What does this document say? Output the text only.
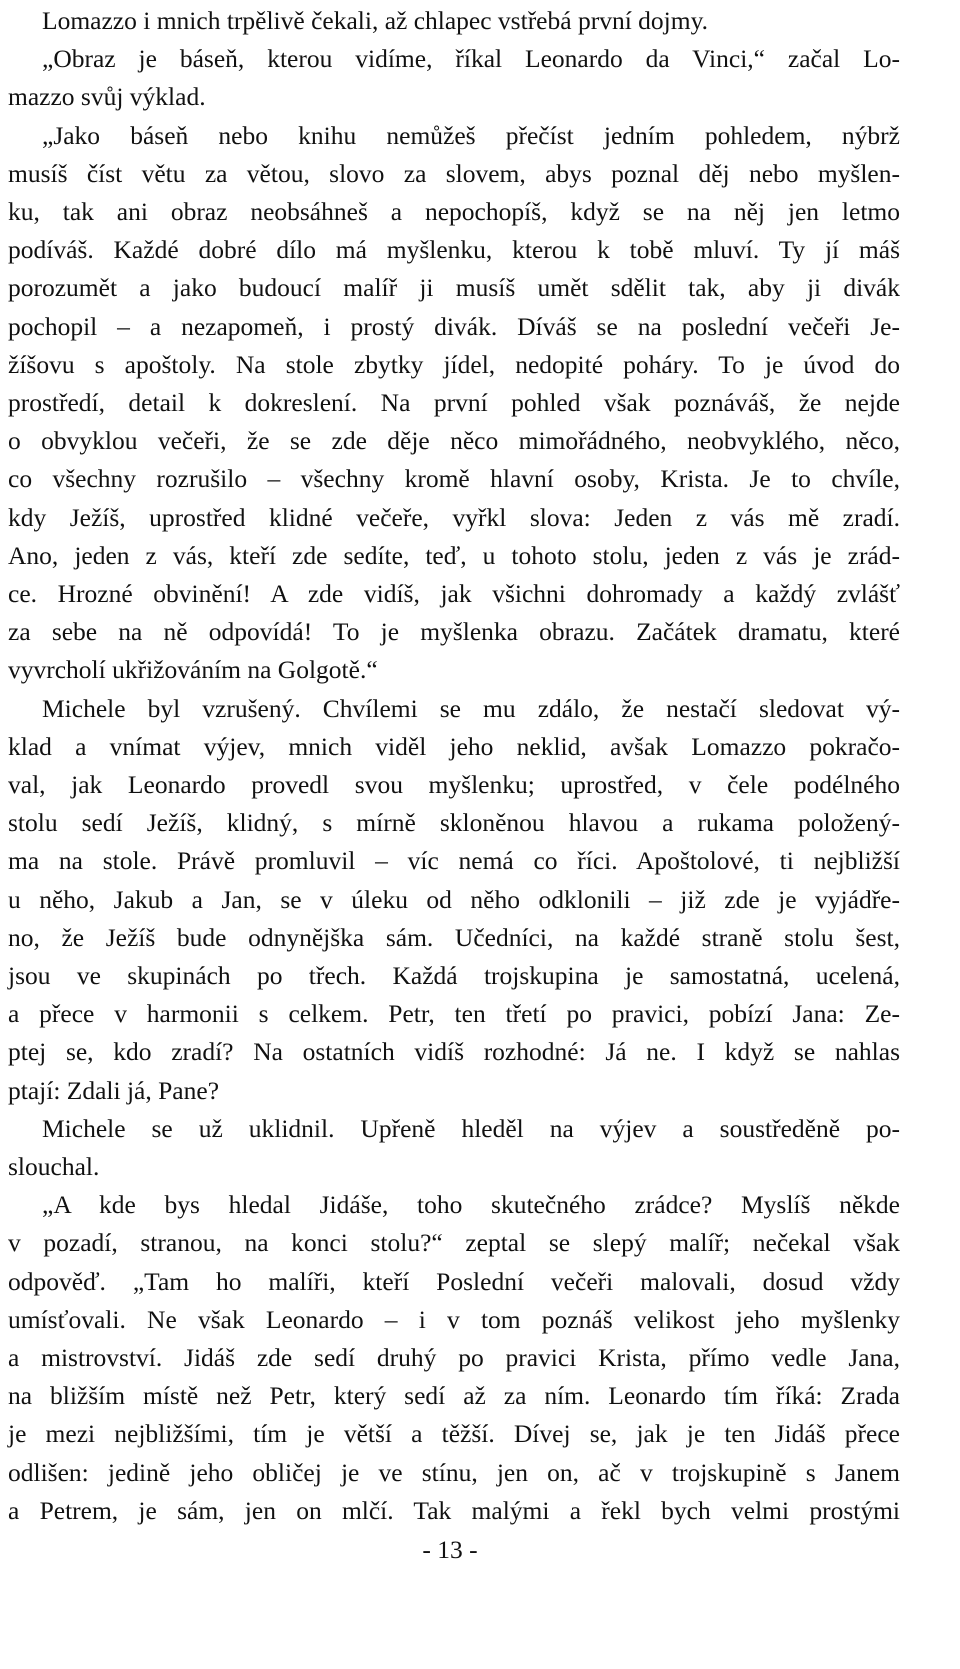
Lomazzo i mnich trpělivě čekali, až chlapec vstřebá první dojmy.
„Obraz je báseň, kterou vidíme, říkal Leonardo da Vinci,“ začal Lo-
mazzo svůj výklad.
„Jako báseň nebo knihu nemůžeš přečíst jedním pohledem, nýbrž
musíš číst větu za větou, slovo za slovem, abys poznal děj nebo myšlen-
ku, tak ani obraz neobsáhneš a nepochopíš, když se na něj jen letmo
podíváš. Každé dobré dílo má myšlenku, kterou k tobě mluví. Ty jí máš
porozumět a jako budoucí malíř ji musíš umět sdělit tak, aby ji divák
pochopil – a nezapomeň, i prostý divák. Díváš se na poslední večeři Je-
žíšovu s apoštoly. Na stole zbytky jídel, nedopité poháry. To je úvod do
prostředí, detail k dokreslení. Na první pohled však poznáváš, že nejde
o obvyklou večeři, že se zde děje něco mimořádného, neobvyklého, něco,
co všechny rozrušilo – všechny kromě hlavní osoby, Krista. Je to chvíle,
kdy Ježíš, uprostřed klidné večeře, vyřkl slova: Jeden z vás mě zradí.
Ano, jeden z vás, kteří zde sedíte, teď, u tohoto stolu, jeden z vás je zrád-
ce. Hrozné obvinění! A zde vidíš, jak všichni dohromady a každý zvlášť
za sebe na ně odpovídá! To je myšlenka obrazu. Začátek dramatu, které
vyvrcholí ukřižováním na Golgotě.“
Michele byl vzrušený. Chvílemi se mu zdálo, že nestačí sledovat vý-
klad a vnímat výjev, mnich viděl jeho neklid, avšak Lomazzo pokračo-
val, jak Leonardo provedl svou myšlenku; uprostřed, v čele podélného
stolu sedí Ježíš, klidný, s mírně skloněnou hlavou a rukama položený-
ma na stole. Právě promluvil – víc nemá co říci. Apoštolové, ti nejbližší
u něho, Jakub a Jan, se v úleku od něho odklonili – již zde je vyjádře-
no, že Ježíš bude odnynějška sám. Učedníci, na každé straně stolu šest,
jsou ve skupinách po třech. Každá trojskupina je samostatná, ucelená,
a přece v harmonii s celkem. Petr, ten třetí po pravici, pobízí Jana: Ze-
ptej se, kdo zradí? Na ostatních vidíš rozhodné: Já ne. I když se nahlas
ptají: Zdali já, Pane?
Michele se už uklidnil. Upřeně hleděl na výjev a soustředěně po-
slouchal.
„A kde bys hledal Jidáše, toho skutečného zrádce? Myslíš někde
v pozadí, stranou, na konci stolu?“ zeptal se slepý malíř; nečekal však
odpověď. „Tam ho malíři, kteří Poslední večeři malovali, dosud vždy
umísťovali. Ne však Leonardo – i v tom poznáš velikost jeho myšlenky
a mistrovství. Jidáš zde sedí druhý po pravici Krista, přímo vedle Jana,
na bližším místě než Petr, který sedí až za ním. Leonardo tím říká: Zrada
je mezi nejbližšími, tím je větší a těžší. Dívej se, jak je ten Jidáš přece
odlišen: jedině jeho obličej je ve stínu, jen on, ač v trojskupině s Janem
a Petrem, je sám, jen on mlčí. Tak malými a řekl bych velmi prostými
- 13 -
